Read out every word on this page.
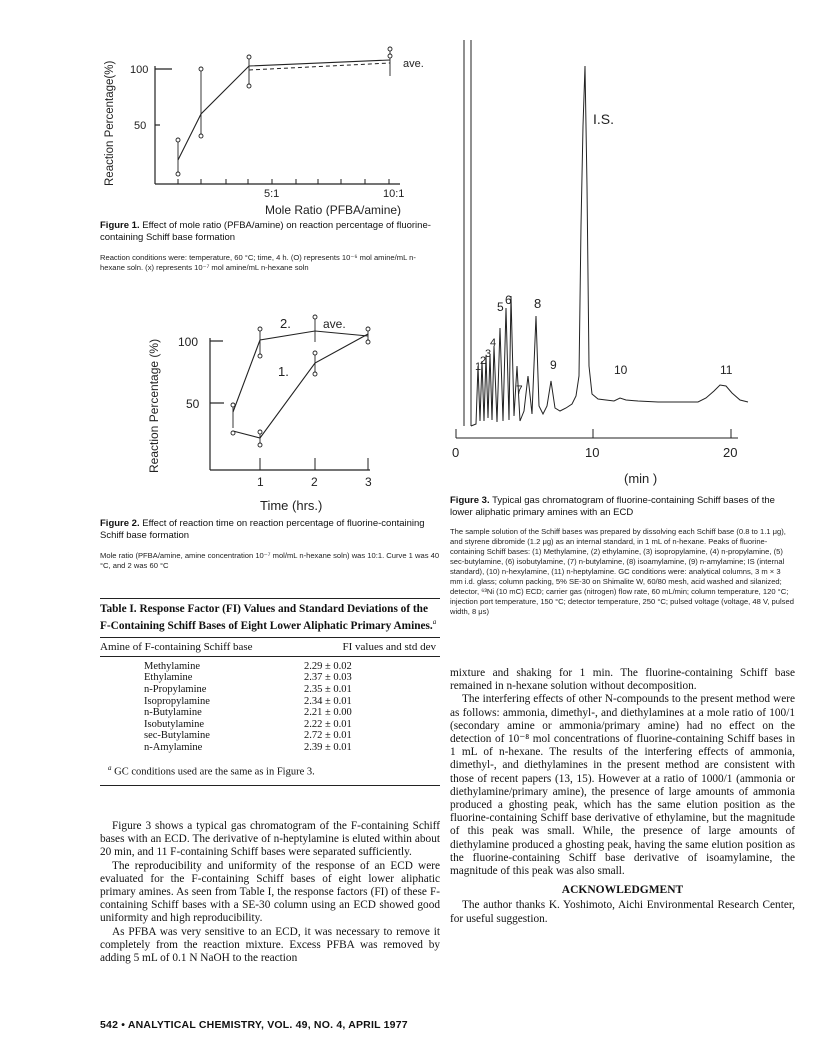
Reaction Percentage(%) 100
50
5:1	10:1
Mole Ratio (PFBA/amine)
ave.
Figure 1. Effect of mole ratio (PFBA/amine) on reaction percentage of fluorine-containing Schiff base formation
Reaction conditions were: temperature, 60 °C; time, 4 h. (O) represents 10⁻⁶ mol amine/mL n-hexane soln. (x) represents 10⁻⁷ mol amine/mL n-hexane soln
Reaction Percentage (%) 100
50
1	2	3
Time (hrs.)
2.	ave.
1.
Figure 2. Effect of reaction time on reaction percentage of fluorine-containing Schiff base formation
Mole ratio (PFBA/amine, amine concentration 10⁻⁷ mol/mL n-hexane soln) was 10:1. Curve 1 was 40 °C, and 2 was 60 °C
Table I. Response Factor (FI) Values and Standard Deviations of the F-Containing Schiff Bases of Eight Lower Aliphatic Primary Amines.$^a$
Amine of F-containing Schiff base	FI values and std dev
Methylamine	2.29 ± 0.02
Ethylamine	2.37 ± 0.03
n-Propylamine	2.35 ± 0.01
Isopropylamine	2.34 ± 0.01
n-Butylamine	2.21 ± 0.00
Isobutylamine	2.22 ± 0.01
sec-Butylamine	2.72 ± 0.01
n-Amylamine	2.39 ± 0.01
$^a$ GC conditions used are the same as in Figure 3.

Figure 3 shows a typical gas chromatogram of the F-containing Schiff bases with an ECD. The derivative of n-heptylamine is eluted within about 20 min, and 11 F-containing Schiff bases were separated sufficiently.

The reproducibility and uniformity of the response of an ECD were evaluated for the F-containing Schiff bases of eight lower aliphatic primary amines. As seen from Table I, the response factors (FI) of these F-containing Schiff bases with a SE-30 column using an ECD showed good uniformity and high reproducibility.

As PFBA was very sensitive to an ECD, it was necessary to remove it completely from the reaction mixture. Excess PFBA was removed by adding 5 mL of 0.1 N NaOH to the reaction

0	10	20
(min )
1
2
3
4
5 6
7
8
9	10	11
I.S.
Figure 3. Typical gas chromatogram of fluorine-containing Schiff bases of the lower aliphatic primary amines with an ECD
The sample solution of the Schiff bases was prepared by dissolving each Schiff base (0.8 to 1.1 μg), and styrene dibromide (1.2 μg) as an internal standard, in 1 mL of n-hexane. Peaks of fluorine-containing Schiff bases: (1) Methylamine, (2) ethylamine, (3) isopropylamine, (4) n-propylamine, (5) sec-butylamine, (6) isobutylamine, (7) n-butylamine, (8) isoamylamine, (9) n-amylamine; IS (internal standard), (10) n-hexylamine, (11) n-heptylamine. GC conditions were: analytical columns, 3 m × 3 mm i.d. glass; column packing, 5% SE-30 on Shimalite W, 60/80 mesh, acid washed and silanized; detector, ⁶³Ni (10 mC) ECD; carrier gas (nitrogen) flow rate, 60 mL/min; column temperature, 120 °C; injection port temperature, 150 °C; detector temperature, 250 °C; pulsed voltage (voltage, 48 V, pulsed width, 8 μs)

mixture and shaking for 1 min. The fluorine-containing Schiff base remained in n-hexane solution without decomposition.

The interfering effects of other N-compounds to the present method were as follows: ammonia, dimethyl-, and diethylamines at a mole ratio of 100/1 (secondary amine or ammonia/primary amine) had no effect on the detection of 10⁻⁸ mol concentrations of fluorine-containing Schiff bases in 1 mL of n-hexane. The results of the interfering effects of ammonia, dimethyl-, and diethylamines in the present method are consistent with those of recent papers (13, 15). However at a ratio of 1000/1 (ammonia or diethylamine/primary amine), the presence of large amounts of ammonia produced a ghosting peak, which has the same elution position as the fluorine-containing Schiff base derivative of ethylamine, but the magnitude of this peak was small. While, the presence of large amounts of diethylamine produced a ghosting peak, having the same elution position as the fluorine-containing Schiff base derivative of isoamylamine, the magnitude of this peak was also small.

ACKNOWLEDGMENT

The author thanks K. Yoshimoto, Aichi Environmental Research Center, for useful suggestion.

542 • ANALYTICAL CHEMISTRY, VOL. 49, NO. 4, APRIL 1977
